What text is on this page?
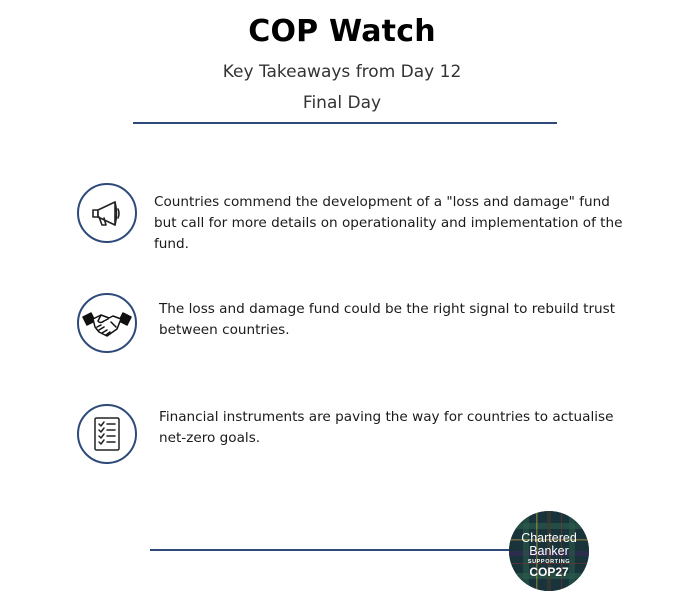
COP Watch
Key Takeaways from Day 12
Final Day
Countries commend the development of a "loss and damage" fund but call for more details on operationality and implementation of the fund.
The loss and damage fund could be the right signal to rebuild trust between countries.
Financial instruments are paving the way for countries to actualise net-zero goals.
Chartered
Banker
SUPPORTING
COP27
